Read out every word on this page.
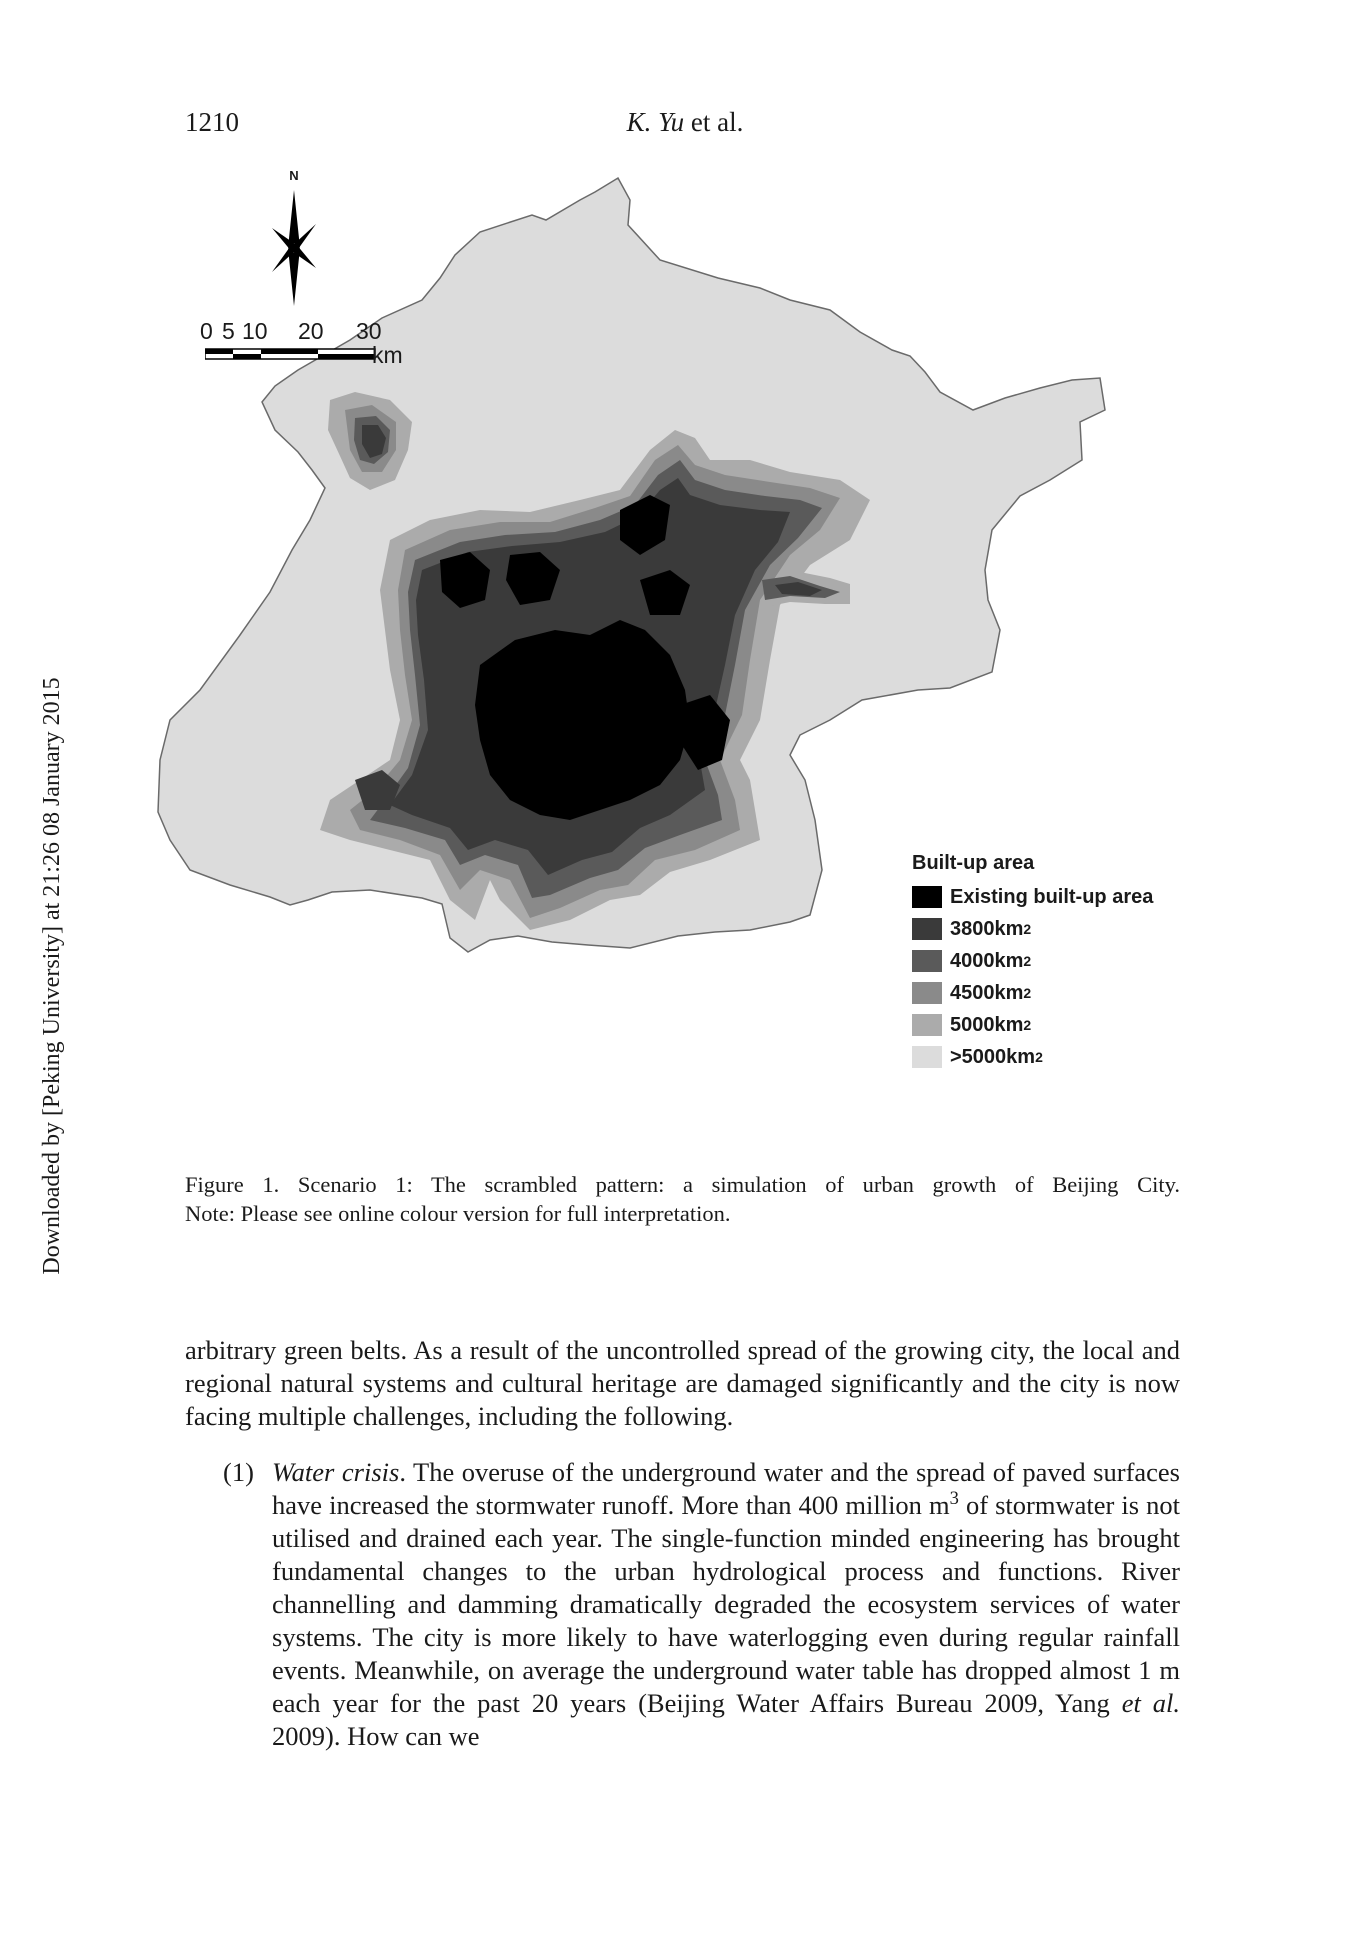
1210	K. Yu et al.
Downloaded by [Peking University] at 21:26 08 January 2015
N
0 5 10 20 30
km
Built-up area
Existing built-up area
3800km 2
4000km 2
4500km 2
5000km 2
>5000km 2
Figure 1. Scenario 1: The scrambled pattern: a simulation of urban growth of Beijing City.
Note: Please see online colour version for full interpretation.

arbitrary green belts. As a result of the uncontrolled spread of the growing city, the local and regional natural systems and cultural heritage are damaged significantly and the city is now facing multiple challenges, including the following.

(1) Water crisis. The overuse of the underground water and the spread of paved surfaces have increased the stormwater runoff. More than 400 million $m^3$ of stormwater is not utilised and drained each year. The single-function minded engineering has brought fundamental changes to the urban hydrological process and functions. River channelling and damming dramatically degraded the ecosystem services of water systems. The city is more likely to have waterlogging even during regular rainfall events. Meanwhile, on average the underground water table has dropped almost 1 m each year for the past 20 years (Beijing Water Affairs Bureau 2009, Yang et al. 2009). How can we
